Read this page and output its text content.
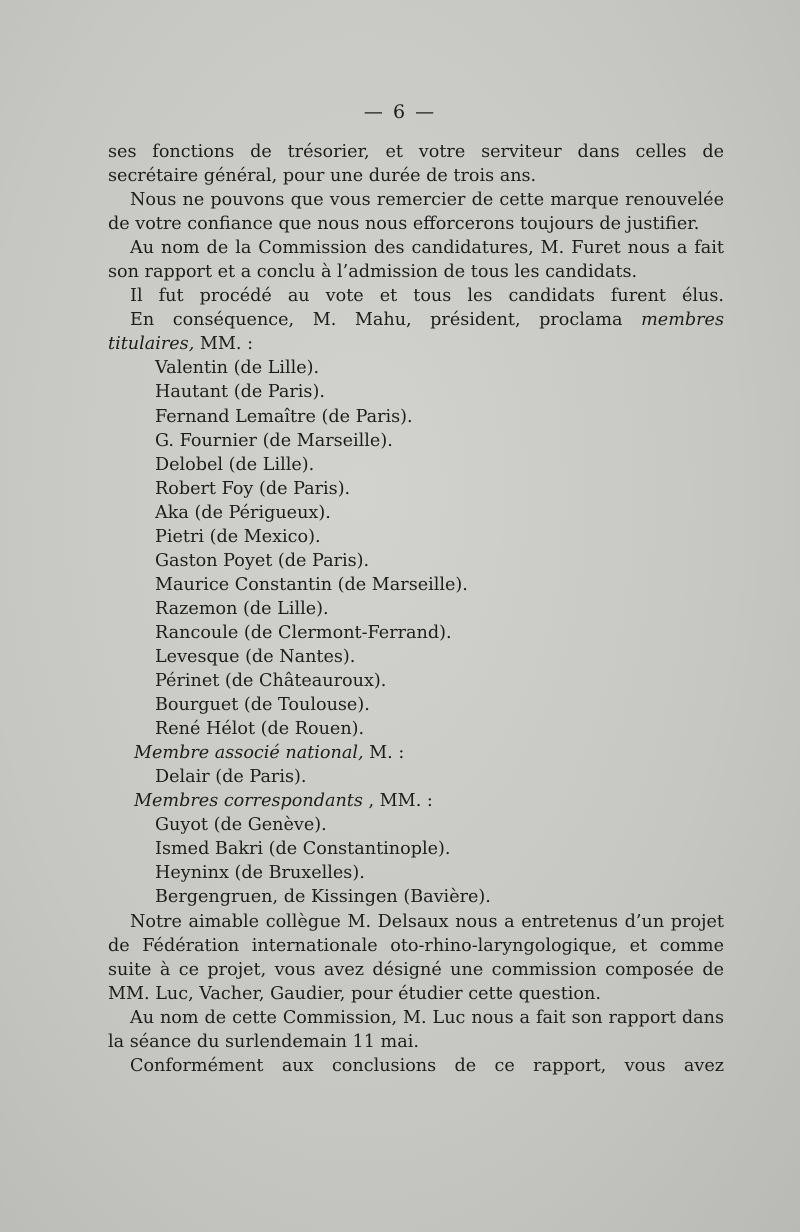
— 6 —

ses fonctions de trésorier, et votre serviteur dans celles de secrétaire général, pour une durée de trois ans.

Nous ne pouvons que vous remercier de cette marque renouvelée de votre confiance que nous nous efforcerons toujours de justifier.

Au nom de la Commission des candidatures, M. Furet nous a fait son rapport et a conclu à l’admission de tous les candidats.

Il fut procédé au vote et tous les candidats furent élus.

En conséquence, M. Mahu, président, proclama membres titulaires, MM. :

Valentin (de Lille).

Hautant (de Paris).

Fernand Lemaître (de Paris).

G. Fournier (de Marseille).

Delobel (de Lille).

Robert Foy (de Paris).

Aka (de Périgueux).

Pietri (de Mexico).

Gaston Poyet (de Paris).

Maurice Constantin (de Marseille).

Razemon (de Lille).

Rancoule (de Clermont-Ferrand).

Levesque (de Nantes).

Périnet (de Châteauroux).

Bourguet (de Toulouse).

René Hélot (de Rouen).

Membre associé national, M. :

Delair (de Paris).

Membres correspondants , MM. :

Guyot (de Genève).

Ismed Bakri (de Constantinople).

Heyninx (de Bruxelles).

Bergengruen, de Kissingen (Bavière).

Notre aimable collègue M. Delsaux nous a entretenus d’un projet de Fédération internationale oto-rhino-laryngologique, et comme suite à ce projet, vous avez désigné une commission composée de MM. Luc, Vacher, Gaudier, pour étudier cette question.

Au nom de cette Commission, M. Luc nous a fait son rapport dans la séance du surlendemain 11 mai.

Conformément aux conclusions de ce rapport, vous avez
